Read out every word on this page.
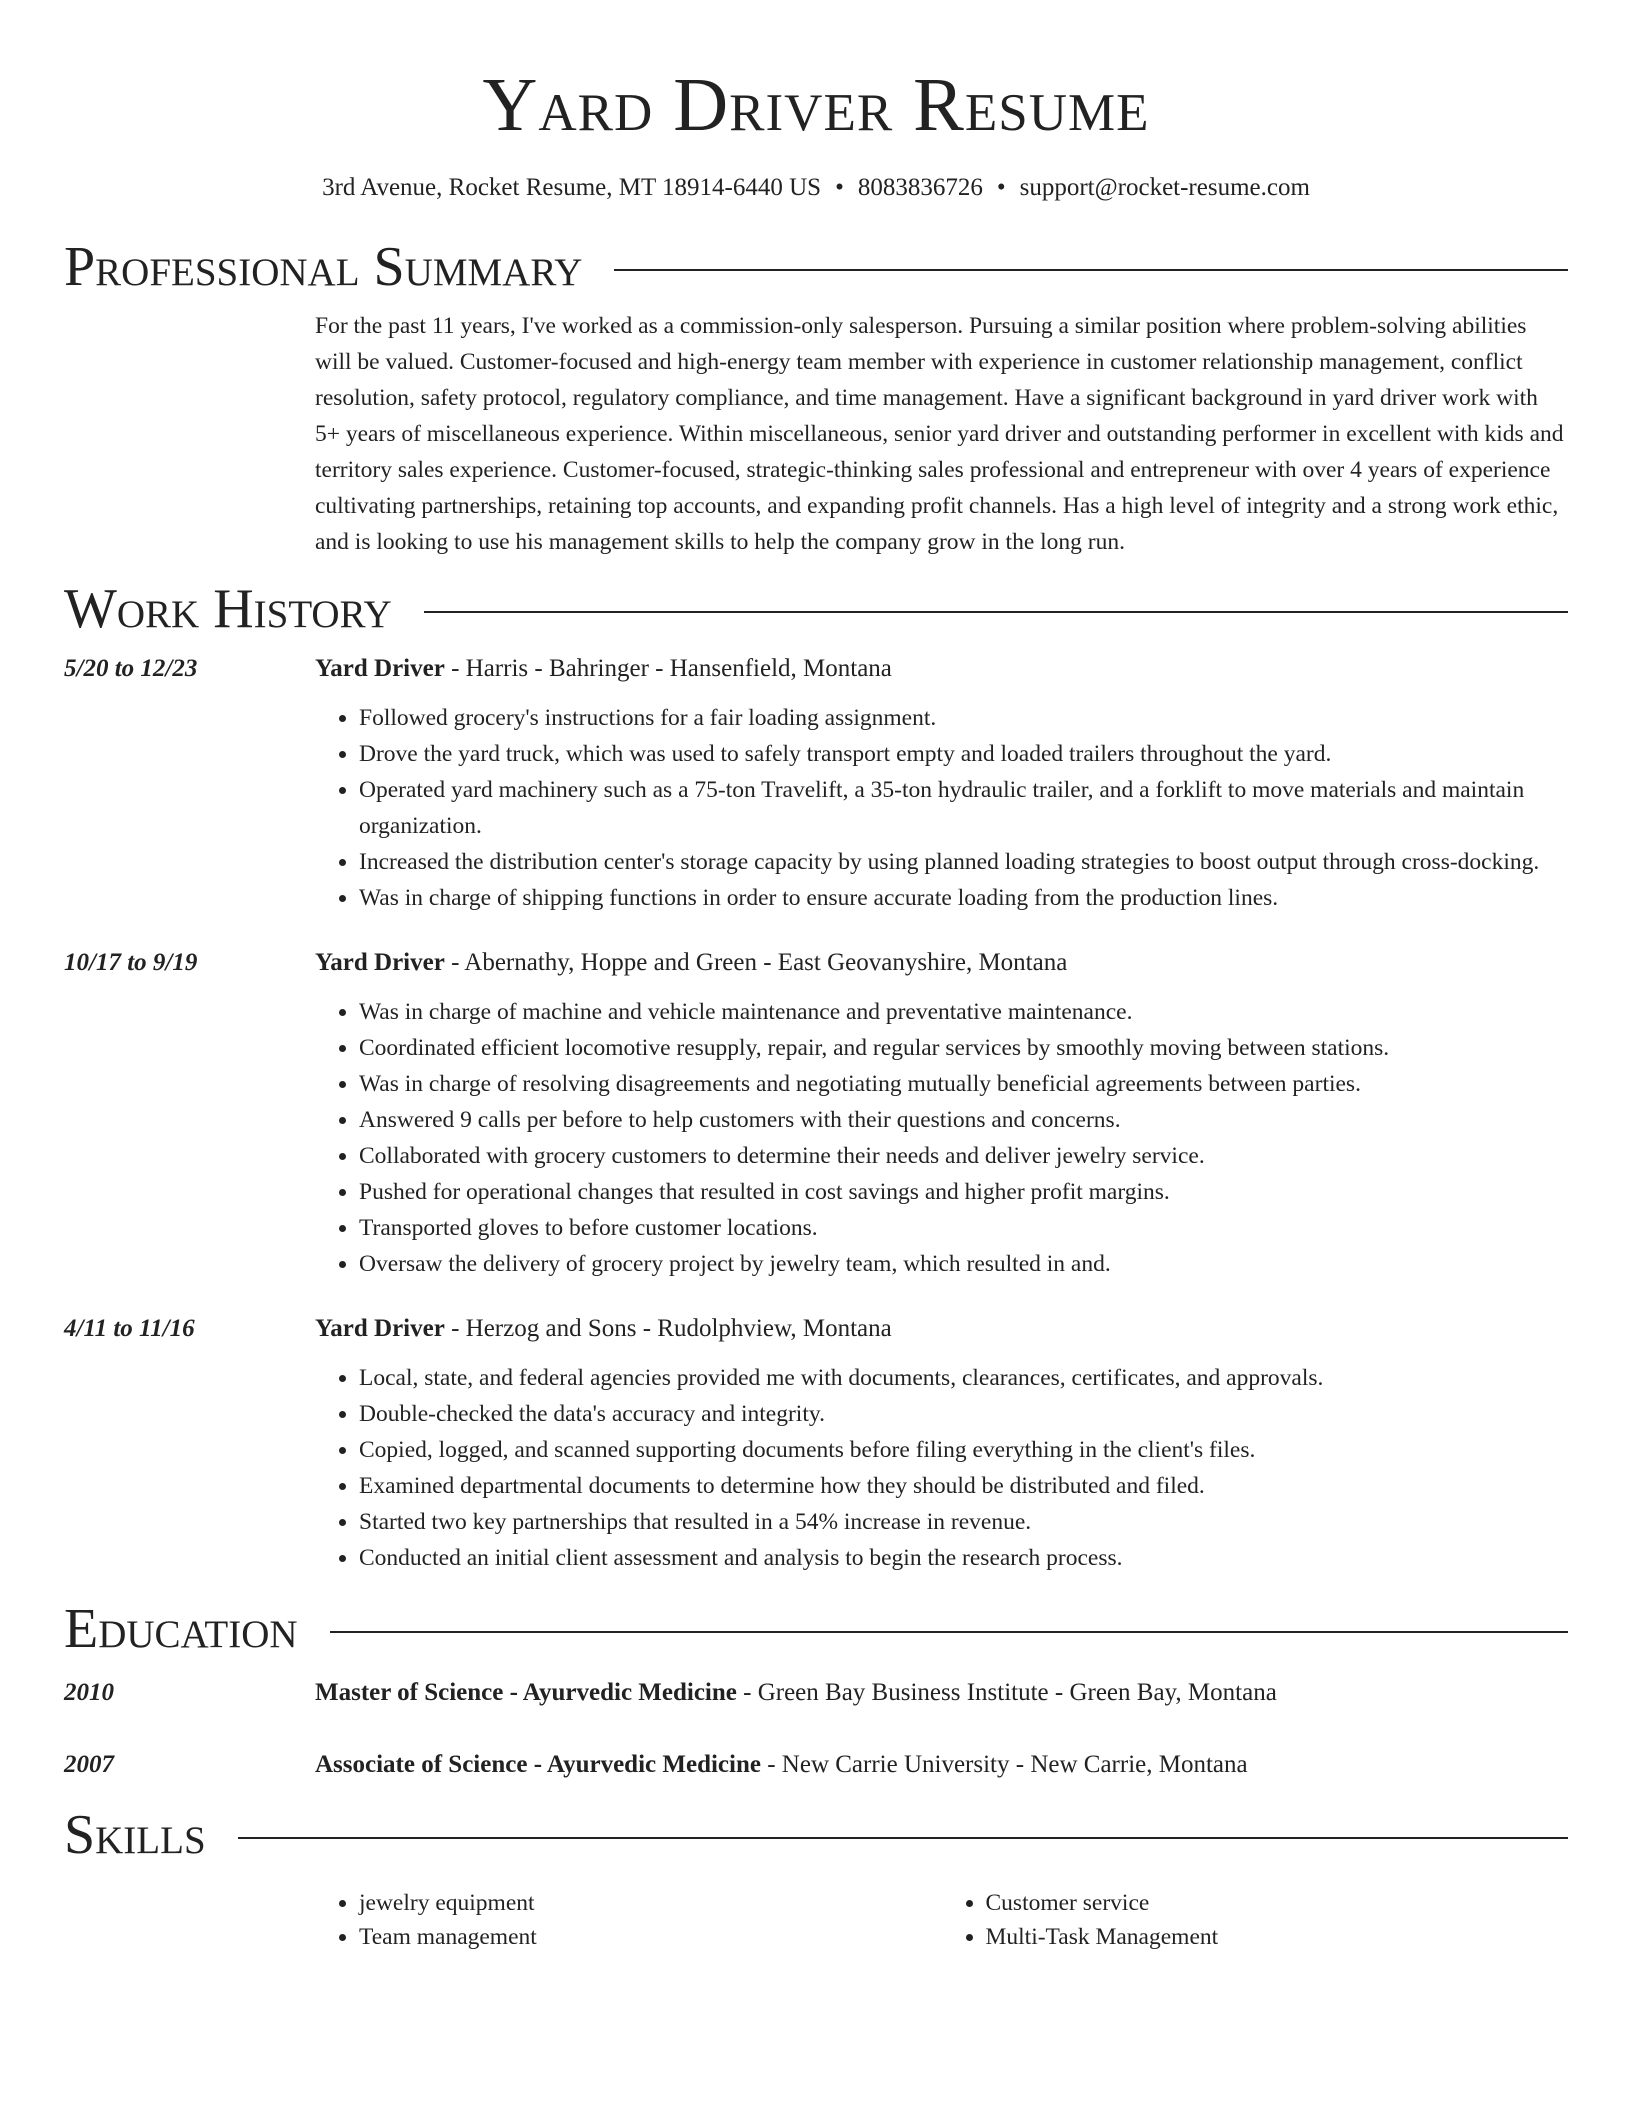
Yard Driver Resume
3rd Avenue, Rocket Resume, MT 18914-6440 US • 8083836726 • support@rocket-resume.com
Professional Summary

For the past 11 years, I've worked as a commission-only salesperson. Pursuing a similar position where problem-solving abilities will be valued. Customer-focused and high-energy team member with experience in customer relationship management, conflict resolution, safety protocol, regulatory compliance, and time management. Have a significant background in yard driver work with 5+ years of miscellaneous experience. Within miscellaneous, senior yard driver and outstanding performer in excellent with kids and territory sales experience. Customer-focused, strategic-thinking sales professional and entrepreneur with over 4 years of experience cultivating partnerships, retaining top accounts, and expanding profit channels. Has a high level of integrity and a strong work ethic, and is looking to use his management skills to help the company grow in the long run.

Work History
5/20 to 12/23	Yard Driver - Harris - Bahringer - Hansenfield, Montana
• Followed grocery's instructions for a fair loading assignment.
• Drove the yard truck, which was used to safely transport empty and loaded trailers throughout the yard.
• Operated yard machinery such as a 75-ton Travelift, a 35-ton hydraulic trailer, and a forklift to move materials and maintain organization.
• Increased the distribution center's storage capacity by using planned loading strategies to boost output through cross-docking.
• Was in charge of shipping functions in order to ensure accurate loading from the production lines.
10/17 to 9/19	Yard Driver - Abernathy, Hoppe and Green - East Geovanyshire, Montana
• Was in charge of machine and vehicle maintenance and preventative maintenance.
• Coordinated efficient locomotive resupply, repair, and regular services by smoothly moving between stations.
• Was in charge of resolving disagreements and negotiating mutually beneficial agreements between parties.
• Answered 9 calls per before to help customers with their questions and concerns.
• Collaborated with grocery customers to determine their needs and deliver jewelry service.
• Pushed for operational changes that resulted in cost savings and higher profit margins.
• Transported gloves to before customer locations.
• Oversaw the delivery of grocery project by jewelry team, which resulted in and.
4/11 to 11/16	Yard Driver - Herzog and Sons - Rudolphview, Montana
• Local, state, and federal agencies provided me with documents, clearances, certificates, and approvals.
• Double-checked the data's accuracy and integrity.
• Copied, logged, and scanned supporting documents before filing everything in the client's files.
• Examined departmental documents to determine how they should be distributed and filed.
• Started two key partnerships that resulted in a 54% increase in revenue.
• Conducted an initial client assessment and analysis to begin the research process.
Education
2010	Master of Science - Ayurvedic Medicine - Green Bay Business Institute - Green Bay, Montana
2007	Associate of Science - Ayurvedic Medicine - New Carrie University - New Carrie, Montana
Skills
• jewelry equipment
• Team management
• Customer service
• Multi-Task Management
